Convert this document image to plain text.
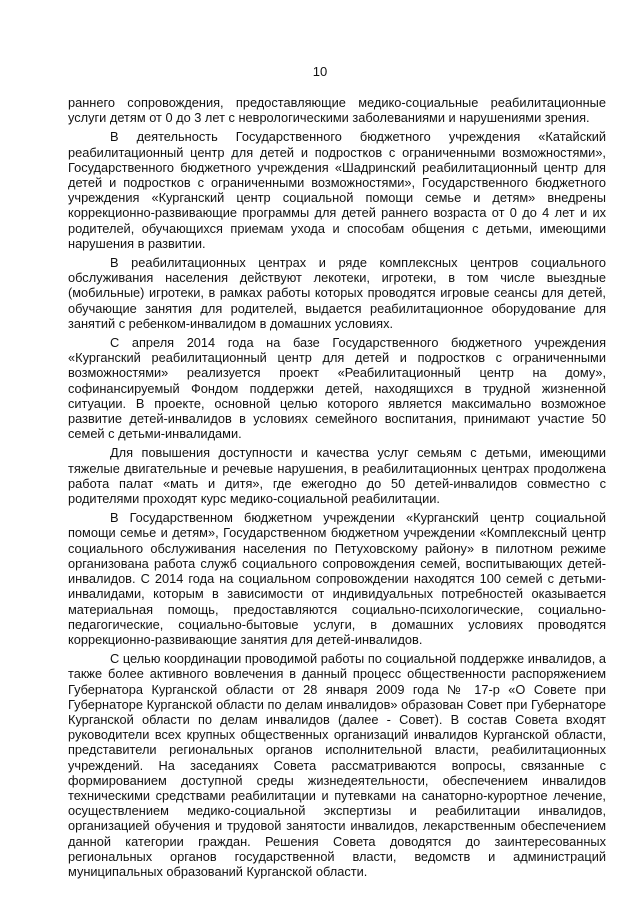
10

раннего сопровождения, предоставляющие медико-социальные реабилитационные услуги детям от 0 до 3 лет с неврологическими заболеваниями и нарушениями зрения.

В деятельность Государственного бюджетного учреждения «Катайский реабилитационный центр для детей и подростков с ограниченными возможностями», Государственного бюджетного учреждения «Шадринский реабилитационный центр для детей и подростков с ограниченными возможностями», Государственного бюджетного учреждения «Курганский центр социальной помощи семье и детям» внедрены коррекционно-развивающие программы для детей раннего возраста от 0 до 4 лет и их родителей, обучающихся приемам ухода и способам общения с детьми, имеющими нарушения в развитии.

В реабилитационных центрах и ряде комплексных центров социального обслуживания населения действуют лекотеки, игротеки, в том числе выездные (мобильные) игротеки, в рамках работы которых проводятся игровые сеансы для детей, обучающие занятия для родителей, выдается реабилитационное оборудование для занятий с ребенком-инвалидом в домашних условиях.

С апреля 2014 года на базе Государственного бюджетного учреждения «Курганский реабилитационный центр для детей и подростков с ограниченными возможностями» реализуется проект «Реабилитационный центр на дому», софинансируемый Фондом поддержки детей, находящихся в трудной жизненной ситуации. В проекте, основной целью которого является максимально возможное развитие детей-инвалидов в условиях семейного воспитания, принимают участие 50 семей с детьми-инвалидами.

Для повышения доступности и качества услуг семьям с детьми, имеющими тяжелые двигательные и речевые нарушения, в реабилитационных центрах продолжена работа палат «мать и дитя», где ежегодно до 50 детей-инвалидов совместно с родителями проходят курс медико-социальной реабилитации.

В Государственном бюджетном учреждении «Курганский центр социальной помощи семье и детям», Государственном бюджетном учреждении «Комплексный центр социального обслуживания населения по Петуховскому району» в пилотном режиме организована работа служб социального сопровождения семей, воспитывающих детей-инвалидов. С 2014 года на социальном сопровождении находятся 100 семей с детьми-инвалидами, которым в зависимости от индивидуальных потребностей оказывается материальная помощь, предоставляются социально-психологические, социально-педагогические, социально-бытовые услуги, в домашних условиях проводятся коррекционно-развивающие занятия для детей-инвалидов.

С целью координации проводимой работы по социальной поддержке инвалидов, а также более активного вовлечения в данный процесс общественности распоряжением Губернатора Курганской области от 28 января 2009 года № 17-р «О Совете при Губернаторе Курганской области по делам инвалидов» образован Совет при Губернаторе Курганской области по делам инвалидов (далее - Совет). В состав Совета входят руководители всех крупных общественных организаций инвалидов Курганской области, представители региональных органов исполнительной власти, реабилитационных учреждений. На заседаниях Совета рассматриваются вопросы, связанные с формированием доступной среды жизнедеятельности, обеспечением инвалидов техническими средствами реабилитации и путевками на санаторно-курортное лечение, осуществлением медико-социальной экспертизы и реабилитации инвалидов, организацией обучения и трудовой занятости инвалидов, лекарственным обеспечением данной категории граждан. Решения Совета доводятся до заинтересованных региональных органов государственной власти, ведомств и администраций муниципальных образований Курганской области.
